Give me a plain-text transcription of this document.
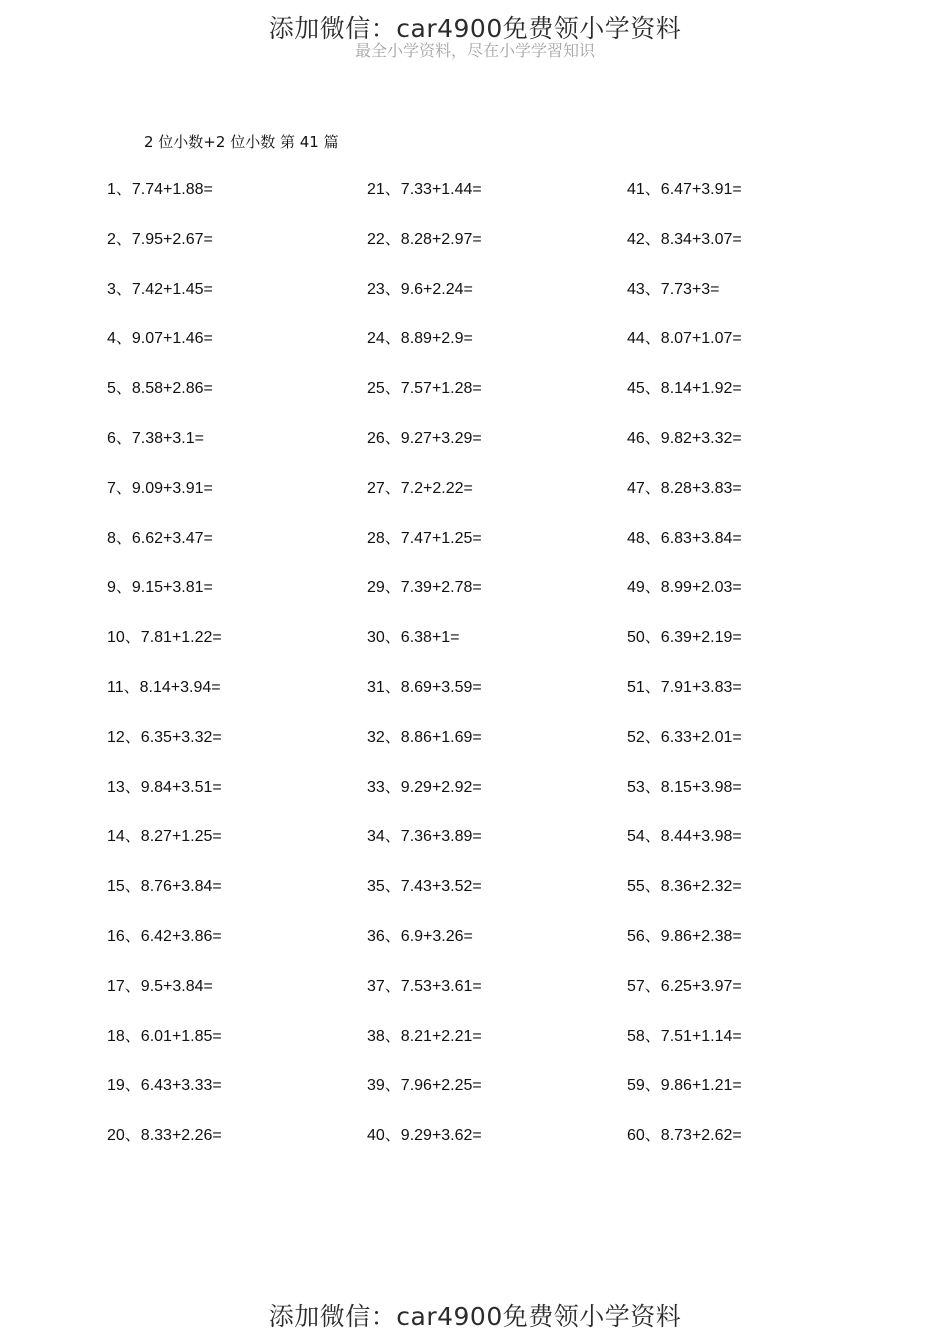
添加微信：car4900免费领小学资料
最全小学资料，尽在小学学習知识
2 位小数+2 位小数 第 41 篇
1、7.74+1.88=
2、7.95+2.67=
3、7.42+1.45=
4、9.07+1.46=
5、8.58+2.86=
6、7.38+3.1=
7、9.09+3.91=
8、6.62+3.47=
9、9.15+3.81=
10、7.81+1.22=
11、8.14+3.94=
12、6.35+3.32=
13、9.84+3.51=
14、8.27+1.25=
15、8.76+3.84=
16、6.42+3.86=
17、9.5+3.84=
18、6.01+1.85=
19、6.43+3.33=
20、8.33+2.26=
21、7.33+1.44=
22、8.28+2.97=
23、9.6+2.24=
24、8.89+2.9=
25、7.57+1.28=
26、9.27+3.29=
27、7.2+2.22=
28、7.47+1.25=
29、7.39+2.78=
30、6.38+1=
31、8.69+3.59=
32、8.86+1.69=
33、9.29+2.92=
34、7.36+3.89=
35、7.43+3.52=
36、6.9+3.26=
37、7.53+3.61=
38、8.21+2.21=
39、7.96+2.25=
40、9.29+3.62=
41、6.47+3.91=
42、8.34+3.07=
43、7.73+3=
44、8.07+1.07=
45、8.14+1.92=
46、9.82+3.32=
47、8.28+3.83=
48、6.83+3.84=
49、8.99+2.03=
50、6.39+2.19=
51、7.91+3.83=
52、6.33+2.01=
53、8.15+3.98=
54、8.44+3.98=
55、8.36+2.32=
56、9.86+2.38=
57、6.25+3.97=
58、7.51+1.14=
59、9.86+1.21=
60、8.73+2.62=
添加微信：car4900免费领小学资料
